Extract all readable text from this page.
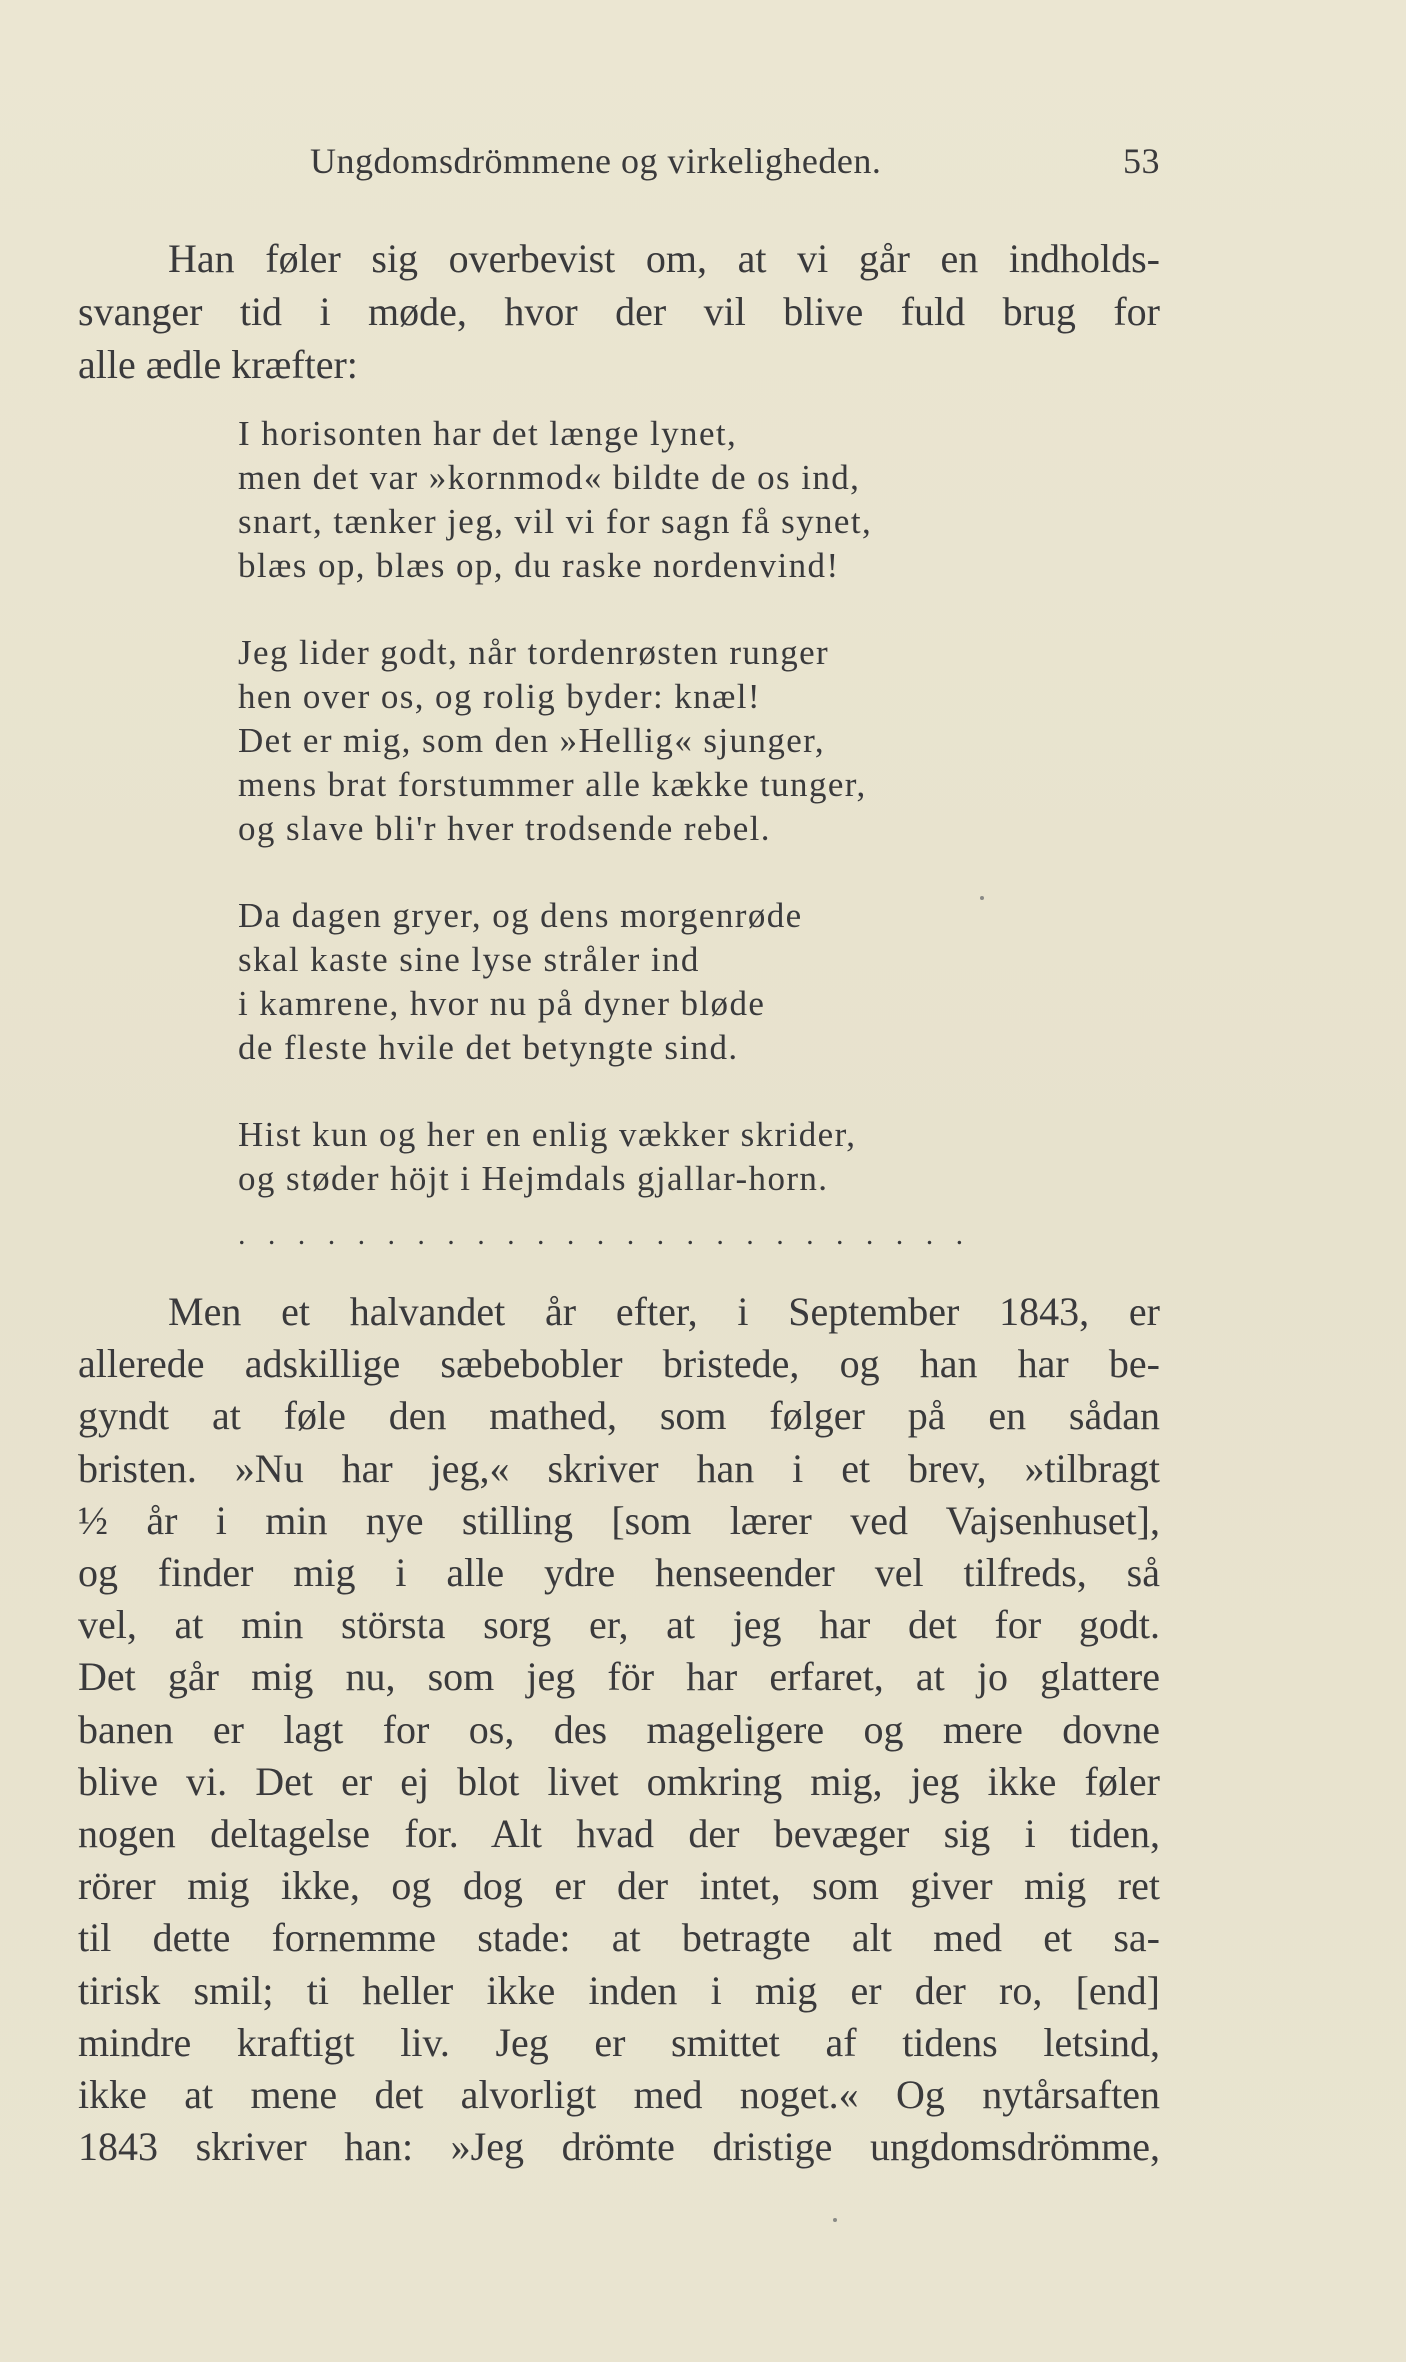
Ungdomsdrömmene og virkeligheden.	53
Han føler sig overbevist om, at vi går en indholds-
svanger tid i møde, hvor der vil blive fuld brug for
alle ædle kræfter:
I horisonten har det længe lynet,
men det var »kornmod« bildte de os ind,
snart, tænker jeg, vil vi for sagn få synet,
blæs op, blæs op, du raske nordenvind!
Jeg lider godt, når tordenrøsten runger
hen over os, og rolig byder: knæl!
Det er mig, som den »Hellig« sjunger,
mens brat forstummer alle kække tunger,
og slave bli'r hver trodsende rebel.
Da dagen gryer, og dens morgenrøde
skal kaste sine lyse stråler ind
i kamrene, hvor nu på dyner bløde
de fleste hvile det betyngte sind.
Hist kun og her en enlig vækker skrider,
og støder höjt i Hejmdals gjallar-horn.
.........................
Men et halvandet år efter, i September 1843, er
allerede adskillige sæbebobler bristede, og han har be-
gyndt at føle den mathed, som følger på en sådan
bristen. »Nu har jeg,« skriver han i et brev, »tilbragt
½ år i min nye stilling [som lærer ved Vajsenhuset],
og finder mig i alle ydre henseender vel tilfreds, så
vel, at min största sorg er, at jeg har det for godt.
Det går mig nu, som jeg för har erfaret, at jo glattere
banen er lagt for os, des mageligere og mere dovne
blive vi. Det er ej blot livet omkring mig, jeg ikke føler
nogen deltagelse for. Alt hvad der bevæger sig i tiden,
rörer mig ikke, og dog er der intet, som giver mig ret
til dette fornemme stade: at betragte alt med et sa-
tirisk smil; ti heller ikke inden i mig er der ro, [end]
mindre kraftigt liv. Jeg er smittet af tidens letsind,
ikke at mene det alvorligt med noget.« Og nytårsaften
1843 skriver han: »Jeg drömte dristige ungdomsdrömme,
